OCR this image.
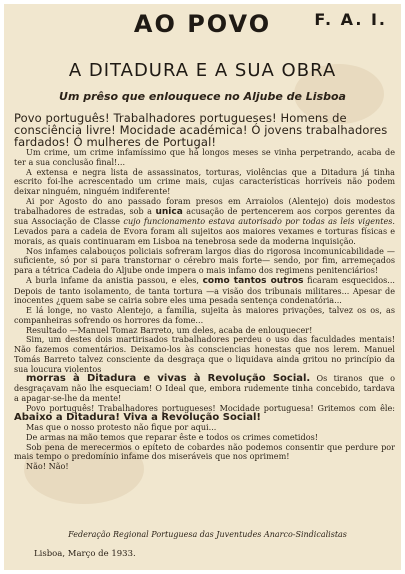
AO POVO	F. A. I.
A DITADURA E A SUA OBRA
Um prêso que enlouquece no Aljube de Lisboa

Povo português! Trabalhadores portugueses! Homens de consciência livre! Mocidade académica! Ó jovens trabalhadores fardados! Ó mulheres de Portugal!

Um crime, um crime infamíssimo que há longos meses se vinha perpetrando, acaba de ter a sua conclusão final!...

A extensa e negra lista de assassinatos, torturas, violências que a Ditadura já tinha escrito foi-lhe acrescentado um crime mais, cujas características horríveis não podem deixar ninguém, ninguém indiferente!

Ai por Agosto do ano passado foram presos em Arraiolos (Alentejo) dois modestos trabalhadores de estradas, sob a unica acusação de pertencerem aos corpos gerentes da sua Associação de Classe cujo funcionamento estava autorisado por todas as leis vigentes. Levados para a cadeia de Evora foram ali sujeitos aos maiores vexames e torturas físicas e morais, as quais continuaram em Lisboa na tenebrosa sede da moderna inquisição.

Nos infames calabouços policiais sofreram largos dias do rigorosa incomunicabilidade —suficiente, só por si para transtornar o cérebro mais forte— sendo, por fim, arremeçados para a tétrica Cadeia do Aljube onde impera o mais infamo dos regimens penitenciários!

A burla infame da anistia passou, e eles, como tantos outros ficaram esquecidos... Depois de tanto isolamento, de tanta tortura —a visão dos tribunais militares... Apesar de inocentes ¿quem sabe se cairia sobre eles uma pesada sentença condenatória...

E lá longe, no vasto Alentejo, a família, sujeita às maiores privações, talvez os os, as companheiras sofrendo os horrores da fome...

Resultado —Manuel Tomaz Barreto, um deles, acaba de enlouquecer!

Sim, um destes dois martirisados trabalhadores perdeu o uso das faculdades mentais! Não fazemos comentários. Deixamo-los às consciencias honestas que nos lerem. Manuel Tomás Barreto talvez consciente da desgraça que o liquidava ainda gritou no princípio da sua loucura violentos

morras à Ditadura e vivas à Revolução Social. Os tiranos que o desgraçavam não lhe esqueciam! O Ideal que, embora rudemente tinha concebido, tardava a apagar-se-lhe da mente!

Povo português! Trabalhadores portugueses! Mocidade portuguesa! Gritemos com êle: Abaixo a Ditadura! Viva a Revolução Social!

Mas que o nosso protesto não fique por aqui...

De armas na mão temos que reparar êste e todos os crimes cometidos!

Sob pena de merecermos o epíteto de cobardes não podemos consentir que perdure por mais tempo o predomínio infame dos miseráveis que nos oprimem!

Não! Não!

Federação Regional Portuguesa das Juventudes Anarco-Sindicalistas
Lisboa, Março de 1933.
